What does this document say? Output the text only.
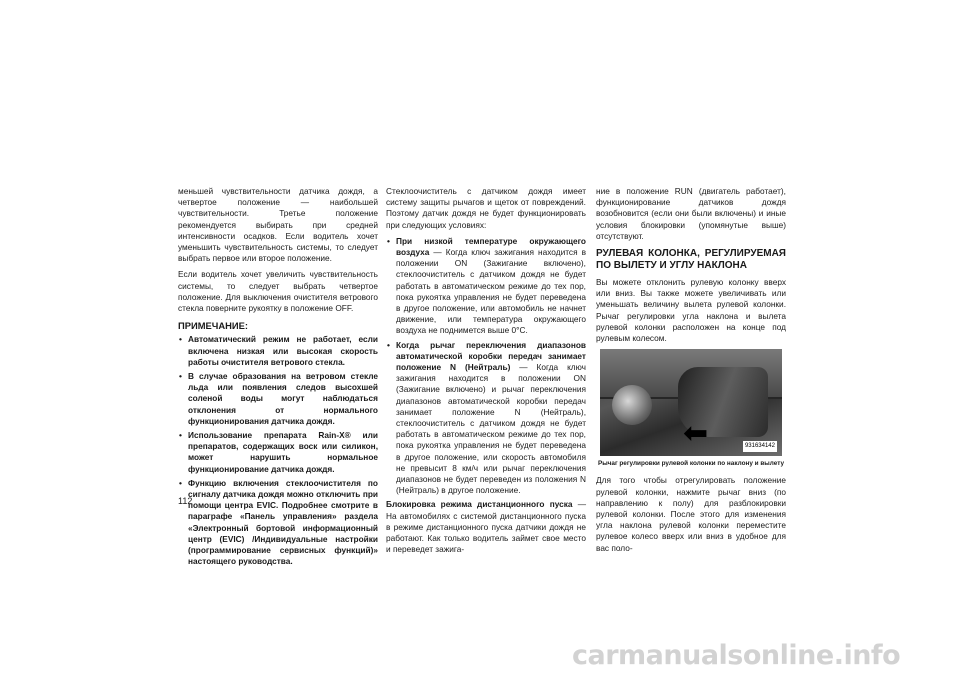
меньшей чувствительности датчика дождя, а четвертое положение — наибольшей чувствительности. Третье положение рекомендуется выбирать при средней интенсивности осадков. Если водитель хочет уменьшить чувствительность системы, то следует выбрать первое или второе положение.

Если водитель хочет увеличить чувствительность системы, то следует выбрать четвертое положение. Для выключения очистителя ветрового стекла поверните рукоятку в положение OFF.

ПРИМЕЧАНИЕ:
• Автоматический режим не работает, если включена низкая или высокая скорость работы очистителя ветрового стекла.
• В случае образования на ветровом стекле льда или появления следов высохшей соленой воды могут наблюдаться отклонения от нормального функционирования датчика дождя.
• Использование препарата Rain-X® или препаратов, содержащих воск или силикон, может нарушить нормальное функционирование датчика дождя.
• Функцию включения стеклоочистителя по сигналу датчика дождя можно отключить при помощи центра EVIC. Подробнее смотрите в параграфе «Панель управления» раздела «Электронный бортовой информационный центр (EVIC) /Индивидуальные настройки (программирование сервисных функций)» настоящего руководства.

Стеклоочиститель с датчиком дождя имеет систему защиты рычагов и щеток от повреждений. Поэтому датчик дождя не будет функционировать при следующих условиях:

• При низкой температуре окружающего воздуха — Когда ключ зажигания находится в положении ON (Зажигание включено), стеклоочиститель с датчиком дождя не будет работать в автоматическом режиме до тех пор, пока рукоятка управления не будет переведена в другое положение, или автомобиль не начнет движение, или температура окружающего воздуха не поднимется выше 0°C.
• Когда рычаг переключения диапазонов автоматической коробки передач занимает положение N (Нейтраль) — Когда ключ зажигания находится в положении ON (Зажигание включено) и рычаг переключения диапазонов автоматической коробки передач занимает положение N (Нейтраль), стеклоочиститель с датчиком дождя не будет работать в автоматическом режиме до тех пор, пока рукоятка управления не будет переведена в другое положение, или скорость автомобиля не превысит 8 км/ч или рычаг переключения диапазонов не будет переведен из положения N (Нейтраль) в другое положение.

Блокировка режима дистанционного пуска — На автомобилях с системой дистанционного пуска в режиме дистанционного пуска датчики дождя не работают. Как только водитель займет свое место и переведет зажига-

ние в положение RUN (двигатель работает), функционирование датчиков дождя возобновится (если они были включены) и иные условия блокировки (упомянутые выше) отсутствуют.

РУЛЕВАЯ КОЛОНКА, РЕГУЛИРУЕМАЯ ПО ВЫЛЕТУ И УГЛУ НАКЛОНА

Вы можете отклонить рулевую колонку вверх или вниз. Вы также можете увеличивать или уменьшать величину вылета рулевой колонки. Рычаг регулировки угла наклона и вылета рулевой колонки расположен на конце под рулевым колесом.

⬅	931634142
Рычаг регулировки рулевой колонки по наклону и вылету

Для того чтобы отрегулировать положение рулевой колонки, нажмите рычаг вниз (по направлению к полу) для разблокировки рулевой колонки. После этого для изменения угла наклона рулевой колонки переместите рулевое колесо вверх или вниз в удобное для вас поло-

112
carmanualsonline.info
